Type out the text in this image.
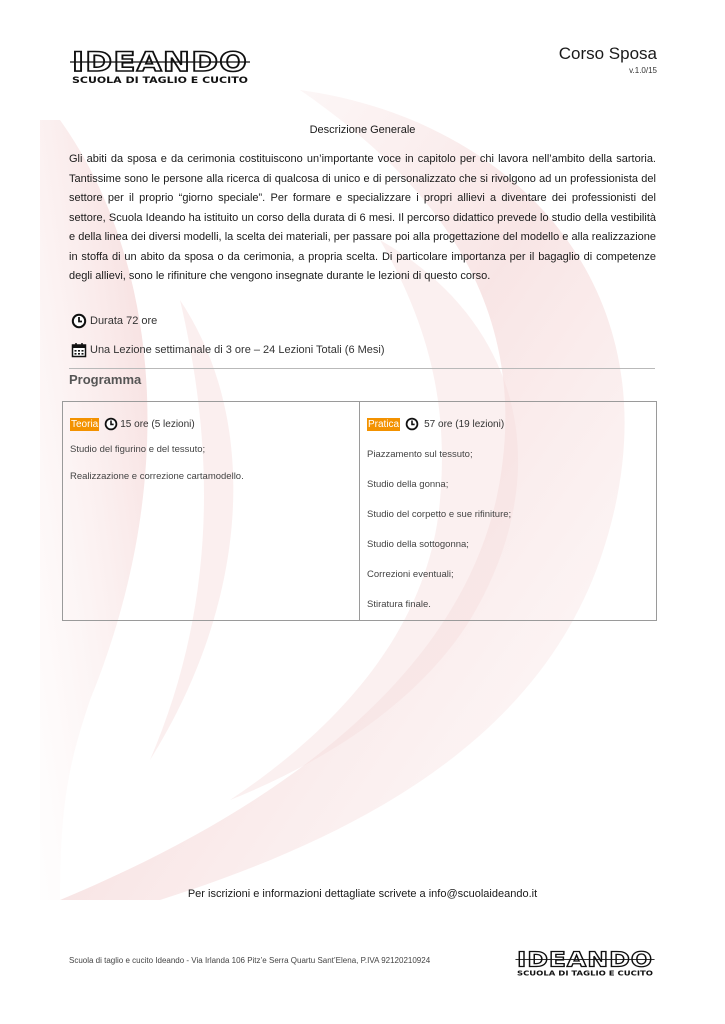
IDEANDO
SCUOLA DI TAGLIO E CUCITO
Corso Sposa
v.1.0/15
Descrizione Generale

Gli abiti da sposa e da cerimonia costituiscono un’importante voce in capitolo per chi lavora nell’ambito della sartoria. Tantissime sono le persone alla ricerca di qualcosa di unico e di personalizzato che si rivolgono ad un professionista del settore per il proprio “giorno speciale”. Per formare e specializzare i propri allievi a diventare dei professionisti del settore, Scuola Ideando ha istituito un corso della durata di 6 mesi. Il percorso didattico prevede lo studio della vestibilità e della linea dei diversi modelli, la scelta dei materiali, per passare poi alla progettazione del modello e alla realizzazione in stoffa di un abito da sposa o da cerimonia, a propria scelta. Di particolare importanza per il bagaglio di competenze degli allievi, sono le rifiniture che vengono insegnate durante le lezioni di questo corso.

Durata 72 ore
Una Lezione settimanale di 3 ore – 24 Lezioni Totali (6 Mesi)
Programma
Teoria 15 ore (5 lezioni)

Studio del figurino e del tessuto;

Realizzazione e correzione cartamodello.

Pratica	57 ore (19 lezioni)

Piazzamento sul tessuto;

Studio della gonna;

Studio del corpetto e sue rifiniture;

Studio della sottogonna;

Correzioni eventuali;

Stiratura finale.

Per iscrizioni e informazioni dettagliate scrivete a info@scuolaideando.it
Scuola di taglio e cucito Ideando - Via Irlanda 106 Pitz’e Serra Quartu Sant’Elena, P.IVA 92120210924	IDEANDO
SCUOLA DI TAGLIO E CUCITO
